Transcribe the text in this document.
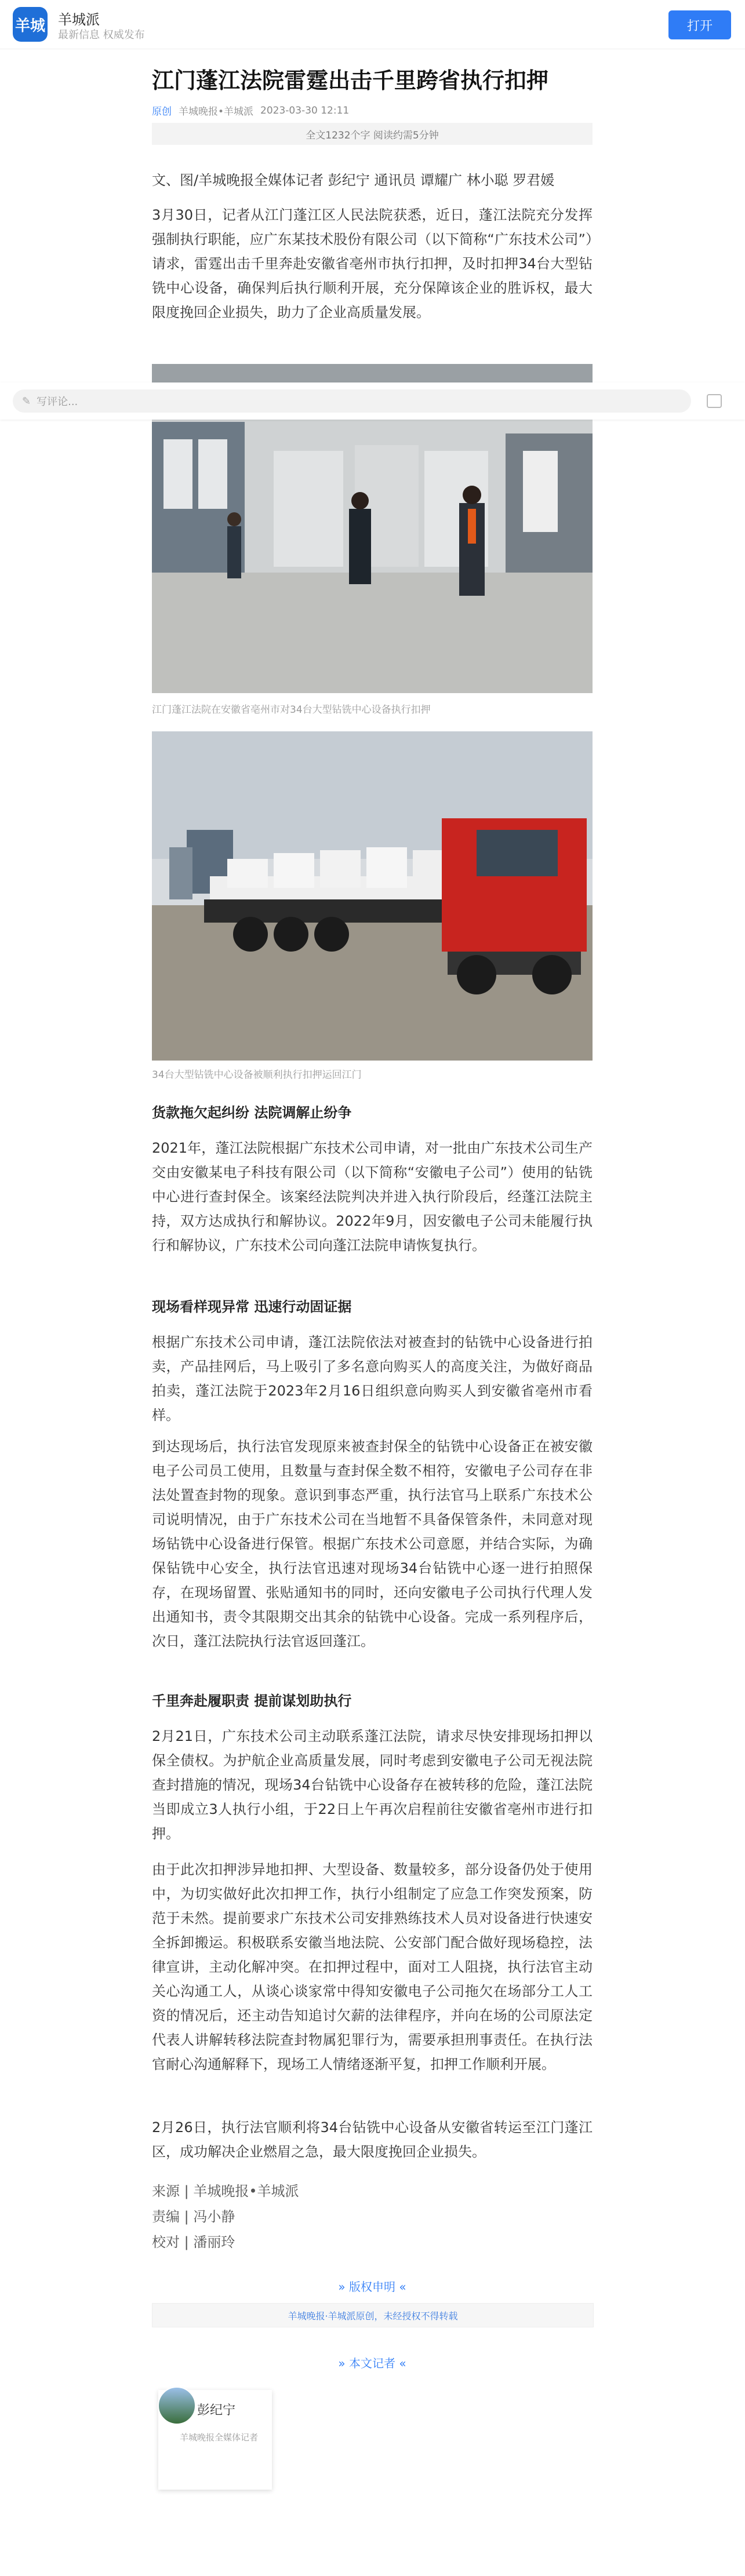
羊城 羊城派
最新信息 权威发布
打开
江门蓬江法院雷霆出击千里跨省执行扣押
原创 羊城晚报•羊城派 2023-03-30 12:11
全文1232个字 阅读约需5分钟
文、图/羊城晚报全媒体记者 彭纪宁 通讯员 谭耀广 林小聪 罗君媛
3月30日，记者从江门蓬江区人民法院获悉，近日，蓬江法院充分发挥强制执行职能，应广东某技术股份有限公司（以下简称“广东技术公司”）请求，雷霆出击千里奔赴安徽省亳州市执行扣押，及时扣押34台大型钻铣中心设备，确保判后执行顺利开展，充分保障该企业的胜诉权，最大限度挽回企业损失，助力了企业高质量发展。
✎ 写评论...
江门蓬江法院在安徽省亳州市对34台大型钻铣中心设备执行扣押
34台大型钻铣中心设备被顺利执行扣押运回江门
货款拖欠起纠纷 法院调解止纷争
2021年，蓬江法院根据广东技术公司申请，对一批由广东技术公司生产交由安徽某电子科技有限公司（以下简称“安徽电子公司”）使用的钻铣中心进行查封保全。该案经法院判决并进入执行阶段后，经蓬江法院主持，双方达成执行和解协议。2022年9月，因安徽电子公司未能履行执行和解协议，广东技术公司向蓬江法院申请恢复执行。
现场看样现异常 迅速行动固证据
根据广东技术公司申请，蓬江法院依法对被查封的钻铣中心设备进行拍卖，产品挂网后，马上吸引了多名意向购买人的高度关注，为做好商品拍卖，蓬江法院于2023年2月16日组织意向购买人到安徽省亳州市看样。
到达现场后，执行法官发现原来被查封保全的钻铣中心设备正在被安徽电子公司员工使用，且数量与查封保全数不相符，安徽电子公司存在非法处置查封物的现象。意识到事态严重，执行法官马上联系广东技术公司说明情况，由于广东技术公司在当地暂不具备保管条件，未同意对现场钻铣中心设备进行保管。根据广东技术公司意愿，并结合实际，为确保钻铣中心安全，执行法官迅速对现场34台钻铣中心逐一进行拍照保存，在现场留置、张贴通知书的同时，还向安徽电子公司执行代理人发出通知书，责令其限期交出其余的钻铣中心设备。完成一系列程序后，次日，蓬江法院执行法官返回蓬江。
千里奔赴履职责 提前谋划助执行
2月21日，广东技术公司主动联系蓬江法院，请求尽快安排现场扣押以保全债权。为护航企业高质量发展，同时考虑到安徽电子公司无视法院查封措施的情况，现场34台钻铣中心设备存在被转移的危险，蓬江法院当即成立3人执行小组，于22日上午再次启程前往安徽省亳州市进行扣押。
由于此次扣押涉异地扣押、大型设备、数量较多，部分设备仍处于使用中，为切实做好此次扣押工作，执行小组制定了应急工作突发预案，防范于未然。提前要求广东技术公司安排熟练技术人员对设备进行快速安全拆卸搬运。积极联系安徽当地法院、公安部门配合做好现场稳控，法律宣讲，主动化解冲突。在扣押过程中，面对工人阻挠，执行法官主动关心沟通工人，从谈心谈家常中得知安徽电子公司拖欠在场部分工人工资的情况后，还主动告知追讨欠薪的法律程序，并向在场的公司原法定代表人讲解转移法院查封物属犯罪行为，需要承担刑事责任。在执行法官耐心沟通解释下，现场工人情绪逐渐平复，扣押工作顺利开展。
2月26日，执行法官顺利将34台钻铣中心设备从安徽省转运至江门蓬江区，成功解决企业燃眉之急，最大限度挽回企业损失。
来源 | 羊城晚报•羊城派
责编 | 冯小静
校对 | 潘丽玲
» 版权申明 «
羊城晚报·羊城派原创，未经授权不得转载
» 本文记者 «
彭纪宁
羊城晚报全媒体记者
